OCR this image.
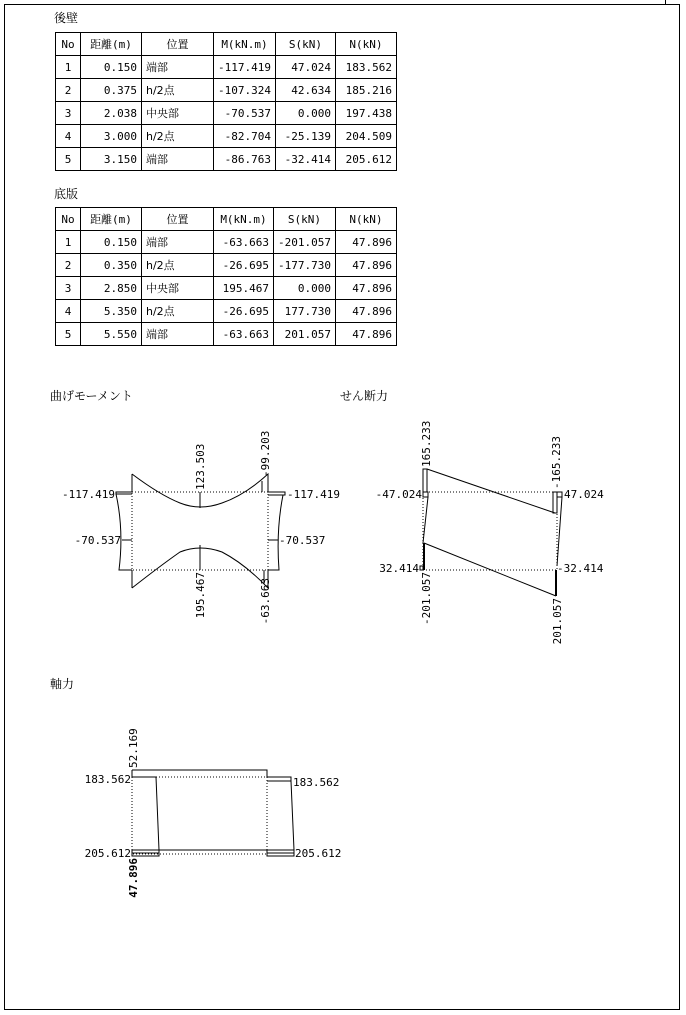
後壁
No	距離(m)	位置	M(kN.m)	S(kN)	N(kN)
1	0.150	端部	-117.419	47.024	183.562
2	0.375	h/2点	-107.324	42.634	185.216
3	2.038	中央部	-70.537	0.000	197.438
4	3.000	h/2点	-82.704	-25.139	204.509
5	3.150	端部	-86.763	-32.414	205.612
底版
No	距離(m)	位置	M(kN.m)	S(kN)	N(kN)
1	0.150	端部	-63.663	-201.057	47.896
2	0.350	h/2点	-26.695	-177.730	47.896
3	2.850	中央部	195.467	0.000	47.896
4	5.350	h/2点	-26.695	177.730	47.896
5	5.550	端部	-63.663	201.057	47.896
曲げモーメント	せん断力
軸力
-117.419	-117.419
-70.537	-70.537
123.503	-99.203
195.467	-63.663
165.233	-165.233
-47.024	47.024
32.414	-32.414
-201.057	201.057
52.169
183.562	183.562
205.612	205.612
47.896
